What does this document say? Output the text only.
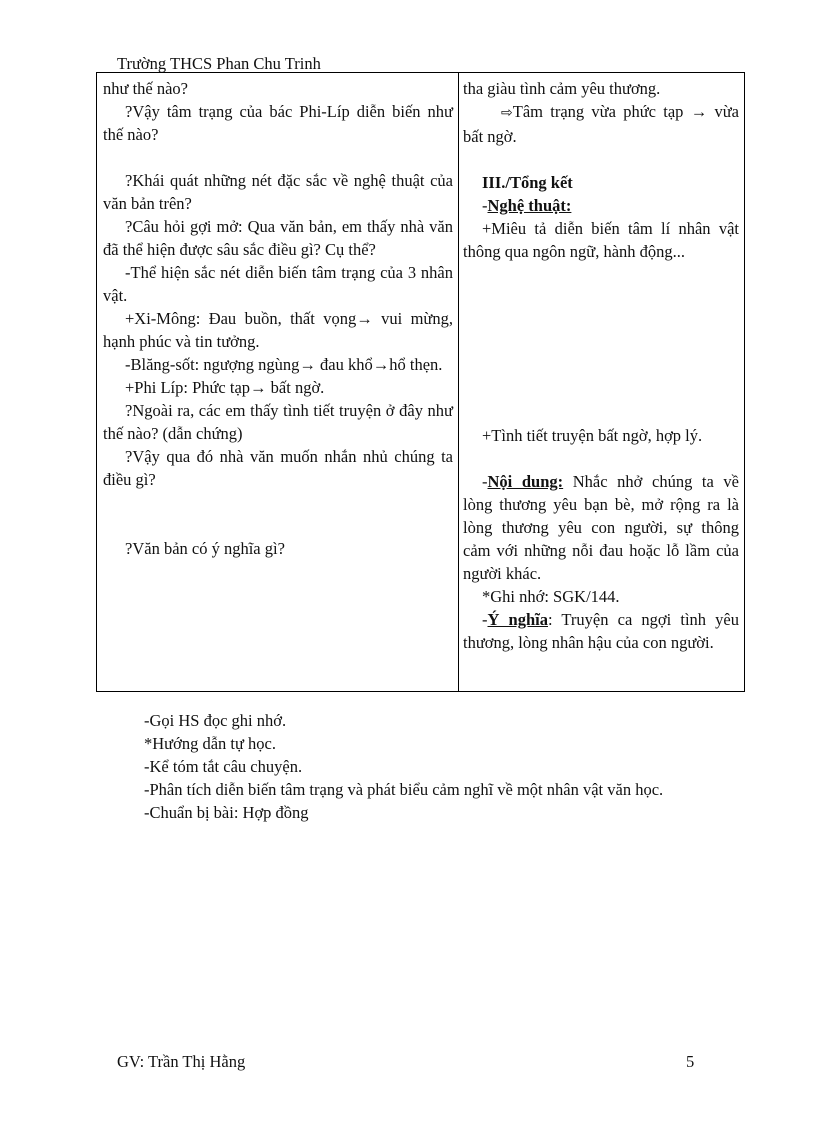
Trường THCS Phan Chu Trinh

như thế nào?

?Vậy tâm trạng của bác Phi-Líp diễn biến như thế nào?

?Khái quát những nét đặc sắc về nghệ thuật của văn bản trên?

?Câu hỏi gợi mở: Qua văn bản, em thấy nhà văn đã thể hiện được sâu sắc điều gì? Cụ thể?

-Thể hiện sắc nét diễn biến tâm trạng của 3 nhân vật.

+Xi-Mông: Đau buồn, thất vọng→ vui mừng, hạnh phúc và tin tưởng.

-Blăng-sốt: ngượng ngùng→ đau khổ→hổ thẹn.

+Phi Líp: Phức tạp→ bất ngờ.

?Ngoài ra, các em thấy tình tiết truyện ở đây như thế nào? (dẫn chứng)

?Vậy qua đó nhà văn muốn nhắn nhủ chúng ta điều gì?

?Văn bản có ý nghĩa gì?

tha giàu tình cảm yêu thương.

⇨Tâm trạng vừa phức tạp → vừa bất ngờ.

III./Tổng kết

-Nghệ thuật:

+Miêu tả diễn biến tâm lí nhân vật thông qua ngôn ngữ, hành động...

+Tình tiết truyện bất ngờ, hợp lý.

-Nội dung: Nhắc nhở chúng ta về lòng thương yêu bạn bè, mở rộng ra là lòng thương yêu con người, sự thông cảm với những nỗi đau hoặc lỗ lầm của người khác.

*Ghi nhớ: SGK/144.

-Ý nghĩa: Truyện ca ngợi tình yêu thương, lòng nhân hậu của con người.

-Gọi HS đọc ghi nhớ.

*Hướng dẫn tự học.

-Kể tóm tắt câu chuyện.

-Phân tích diễn biến tâm trạng và phát biểu cảm nghĩ về một nhân vật văn học.

-Chuẩn bị bài: Hợp đồng

GV: Trần Thị Hằng	5
